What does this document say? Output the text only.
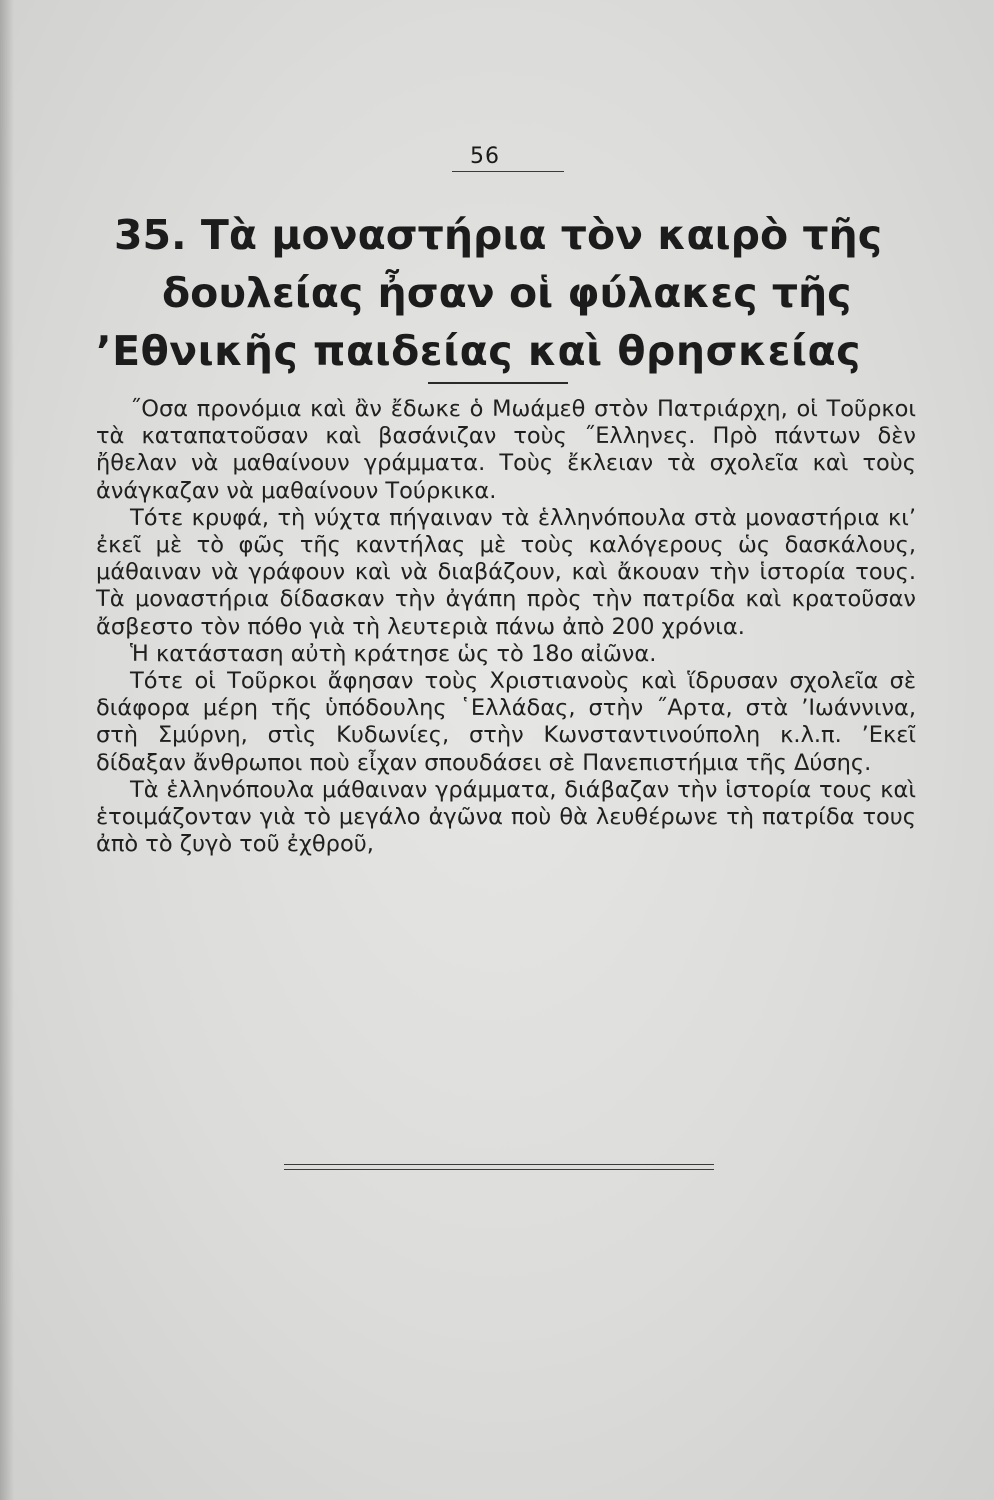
56
35. Τὰ μοναστήρια τὸν καιρὸ τῆς
δουλείας ἦσαν οἱ φύλακες τῆς
’Εθνικῆς παιδείας καὶ θρησκείας

˝Οσα προνόμια καὶ ἂν ἔδωκε ὁ Μωάμεθ στὸν Πατριάρχη, οἱ Τοῦρκοι τὰ καταπατοῦσαν καὶ βασάνιζαν τοὺς ˝Ελληνες. Πρὸ πάντων δὲν ἤθελαν νὰ μαθαίνουν γράμματα. Τοὺς ἔκλειαν τὰ σχολεῖα καὶ τοὺς ἀνάγκαζαν νὰ μαθαίνουν Τούρκικα.

Τότε κρυφά, τὴ νύχτα πήγαιναν τὰ ἑλληνόπουλα στὰ μοναστήρια κι’ ἐκεῖ μὲ τὸ φῶς τῆς καντήλας μὲ τοὺς καλόγερους ὡς δασκάλους, μάθαιναν νὰ γράφουν καὶ νὰ διαβάζουν, καὶ ἄκουαν τὴν ἱστορία τους. Τὰ μοναστήρια δίδασκαν τὴν ἀγάπη πρὸς τὴν πατρίδα καὶ κρατοῦσαν ἄσβεστο τὸν πόθο γιὰ τὴ λευτεριὰ πάνω ἀπὸ 200 χρόνια.

Ἡ κατάσταση αὐτὴ κράτησε ὡς τὸ 18ο αἰῶνα.

Τότε οἱ Τοῦρκοι ἄφησαν τοὺς Χριστιανοὺς καὶ ἵδρυσαν σχολεῖα σὲ διάφορα μέρη τῆς ὑπόδουλης ῾Ελλάδας, στὴν ˝Αρτα, στὰ ’Ιωάννινα, στὴ Σμύρνη, στὶς Κυδωνίες, στὴν Κωνσταντινούπολη κ.λ.π. ’Εκεῖ δίδαξαν ἄνθρωποι ποὺ εἶχαν σπουδάσει σὲ Πανεπιστήμια τῆς Δύσης.

Τὰ ἑλληνόπουλα μάθαιναν γράμματα, διάβαζαν τὴν ἱστορία τους καὶ ἑτοιμάζονταν γιὰ τὸ μεγάλο ἀγῶνα ποὺ θὰ λευθέρωνε τὴ πατρίδα τους ἀπὸ τὸ ζυγὸ τοῦ ἐχθροῦ,
